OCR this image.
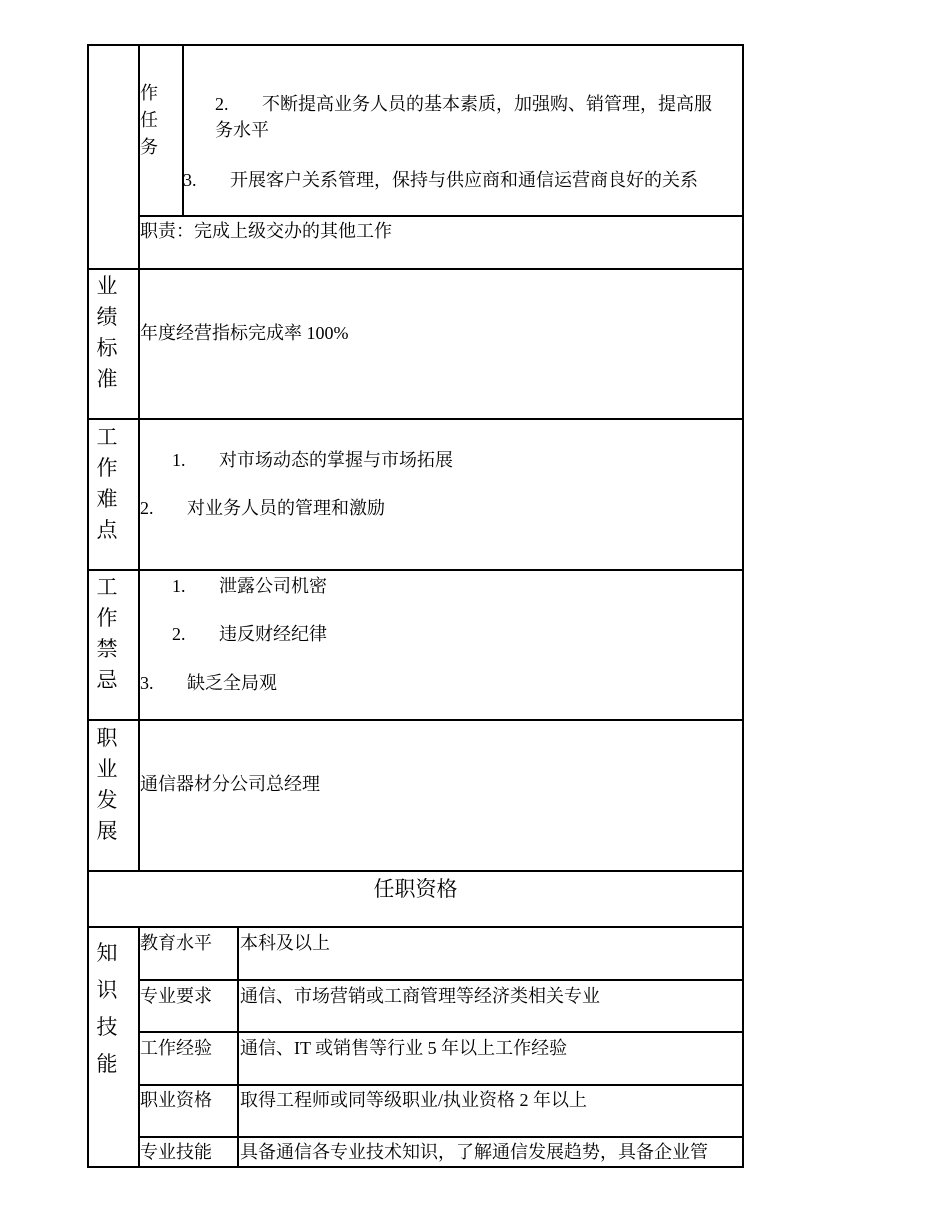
作任务
2. 不断提高业务人员的基本素质，加强购、销管理，提高服
务水平
3. 开展客户关系管理，保持与供应商和通信运营商良好的关系
职责：完成上级交办的其他工作
业绩标准
年度经营指标完成率 100%
工作难点
1. 对市场动态的掌握与市场拓展
2. 对业务人员的管理和激励
工作禁忌
1. 泄露公司机密
2. 违反财经纪律
3. 缺乏全局观
职业发展
通信器材分公司总经理
任职资格
知识技能
教育水平 本科及以上
专业要求 通信、市场营销或工商管理等经济类相关专业
工作经验 通信、IT 或销售等行业 5 年以上工作经验
职业资格 取得工程师或同等级职业/执业资格 2 年以上
专业技能 具备通信各专业技术知识，了解通信发展趋势，具备企业管
